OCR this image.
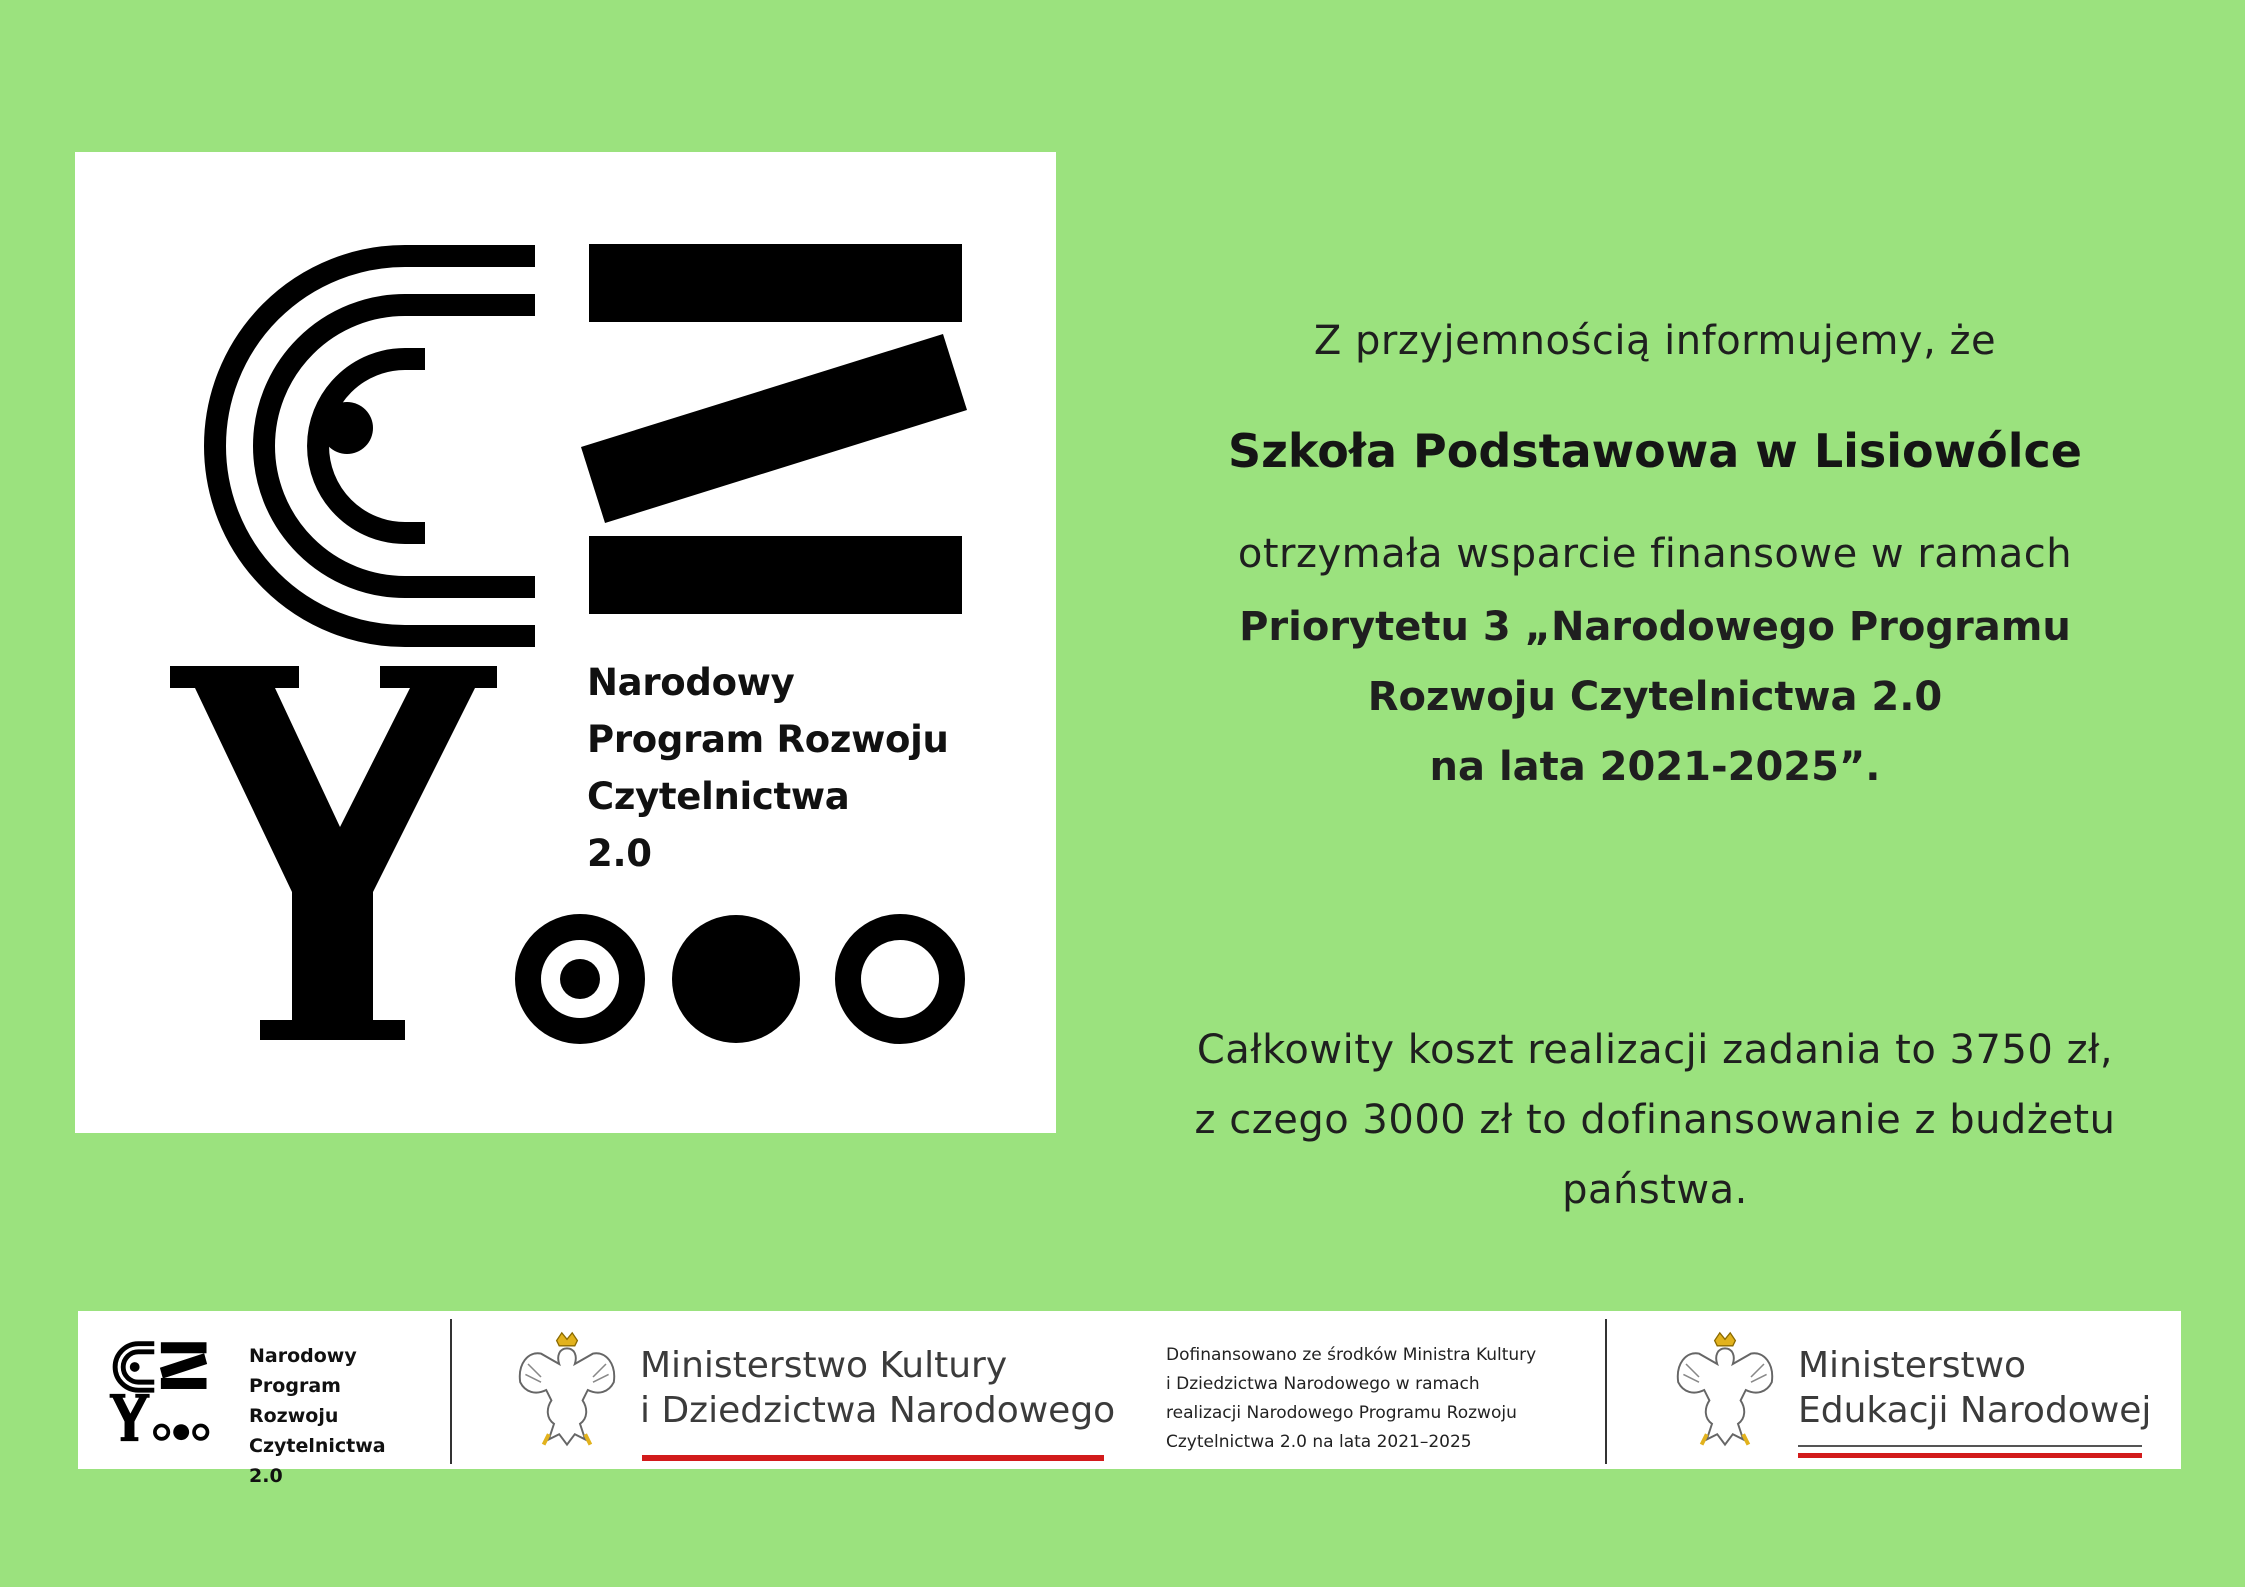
Narodowy
Program Rozwoju
Czytelnictwa
2.0
Z przyjemnością informujemy, że
Szkoła Podstawowa w Lisiowólce
otrzymała wsparcie finansowe w ramach
Priorytetu 3 „Narodowego Programu
Rozwoju Czytelnictwa 2.0
na lata 2021-2025”.
Całkowity koszt realizacji zadania to 3750 zł,
z czego 3000 zł to dofinansowanie z budżetu
państwa.
Narodowy
Program
Rozwoju
Czytelnictwa
2.0
Ministerstwo Kultury
i Dziedzictwa Narodowego
Dofinansowano ze środków Ministra Kultury
i Dziedzictwa Narodowego w ramach
realizacji Narodowego Programu Rozwoju
Czytelnictwa 2.0 na lata 2021–2025
Ministerstwo
Edukacji Narodowej
